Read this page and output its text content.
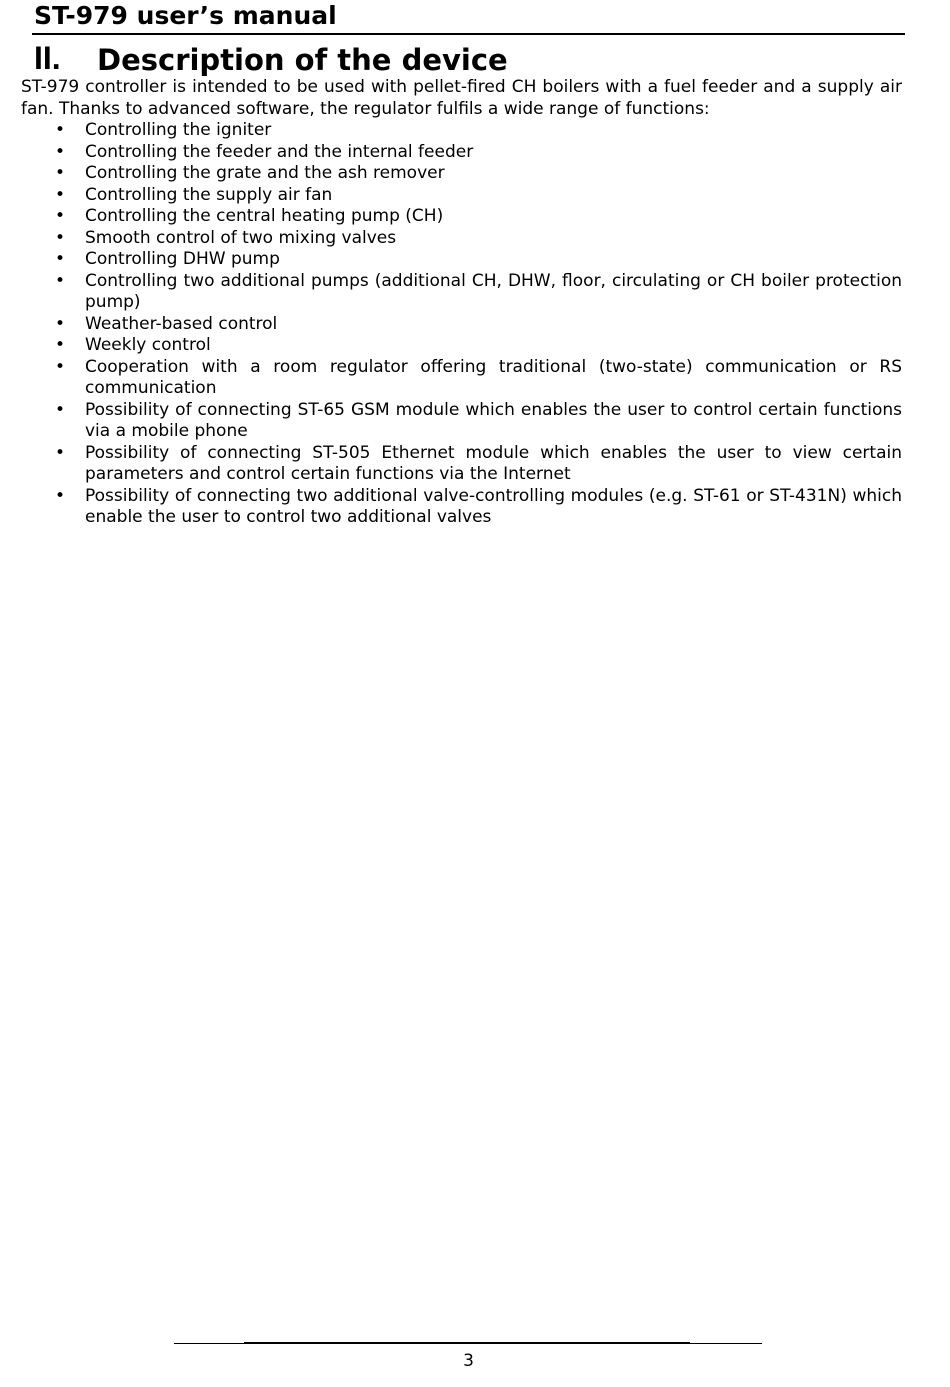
ST-979 user’s manual
II. Description of the device

ST-979 controller is intended to be used with pellet-fired CH boilers with a fuel feeder and a supply air fan. Thanks to advanced software, the regulator fulfils a wide range of functions:

• Controlling the igniter
• Controlling the feeder and the internal feeder
• Controlling the grate and the ash remover
• Controlling the supply air fan
• Controlling the central heating pump (CH)
• Smooth control of two mixing valves
• Controlling DHW pump
• Controlling two additional pumps (additional CH, DHW, floor, circulating or CH boiler protection pump)
• Weather-based control
• Weekly control
• Cooperation with a room regulator offering traditional (two-state) communication or RS communication
• Possibility of connecting ST-65 GSM module which enables the user to control certain functions via a mobile phone
• Possibility of connecting ST-505 Ethernet module which enables the user to view certain parameters and control certain functions via the Internet
• Possibility of connecting two additional valve-controlling modules (e.g. ST-61 or ST-431N) which enable the user to control two additional valves
3
